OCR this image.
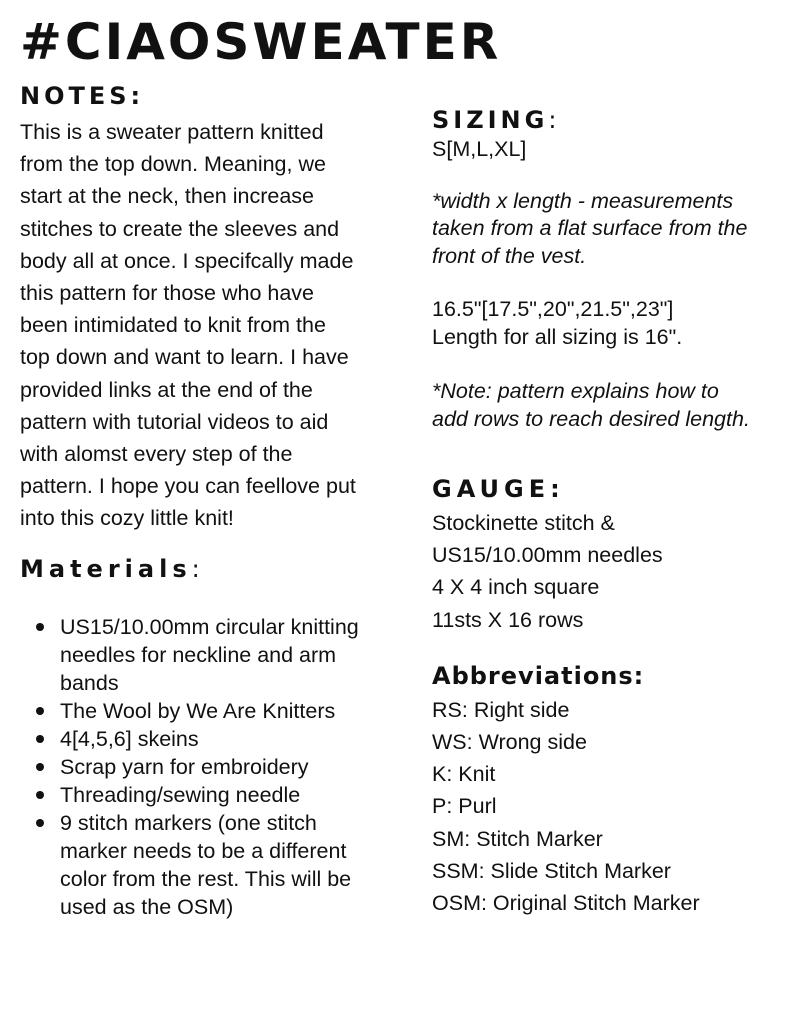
#CIAOSWEATER
NOTES:
This is a sweater pattern knitted
from the top down. Meaning, we
start at the neck, then increase
stitches to create the sleeves and
body all at once. I specifcally made
this pattern for those who have
been intimidated to knit from the
top down and want to learn. I have
provided links at the end of the
pattern with tutorial videos to aid
with alomst every step of the
pattern. I hope you can feellove put
into this cozy little knit!
Materials:
US15/10.00mm circular knitting
needles for neckline and arm
bands
The Wool by We Are Knitters
4[4,5,6] skeins
Scrap yarn for embroidery
Threading/sewing needle
9 stitch markers (one stitch
marker needs to be a different
color from the rest. This will be
used as the OSM)
SIZING:

S[M,L,XL]

*width x length - measurements
taken from a flat surface from the
front of the vest.

16.5"[17.5",20",21.5",23"]

Length for all sizing is 16".

*Note: pattern explains how to
add rows to reach desired length.
GAUGE:
Stockinette stitch &
US15/10.00mm needles
4 X 4 inch square
11sts X 16 rows
Abbreviations:
RS: Right side
WS: Wrong side
K: Knit
P: Purl
SM: Stitch Marker
SSM: Slide Stitch Marker
OSM: Original Stitch Marker
